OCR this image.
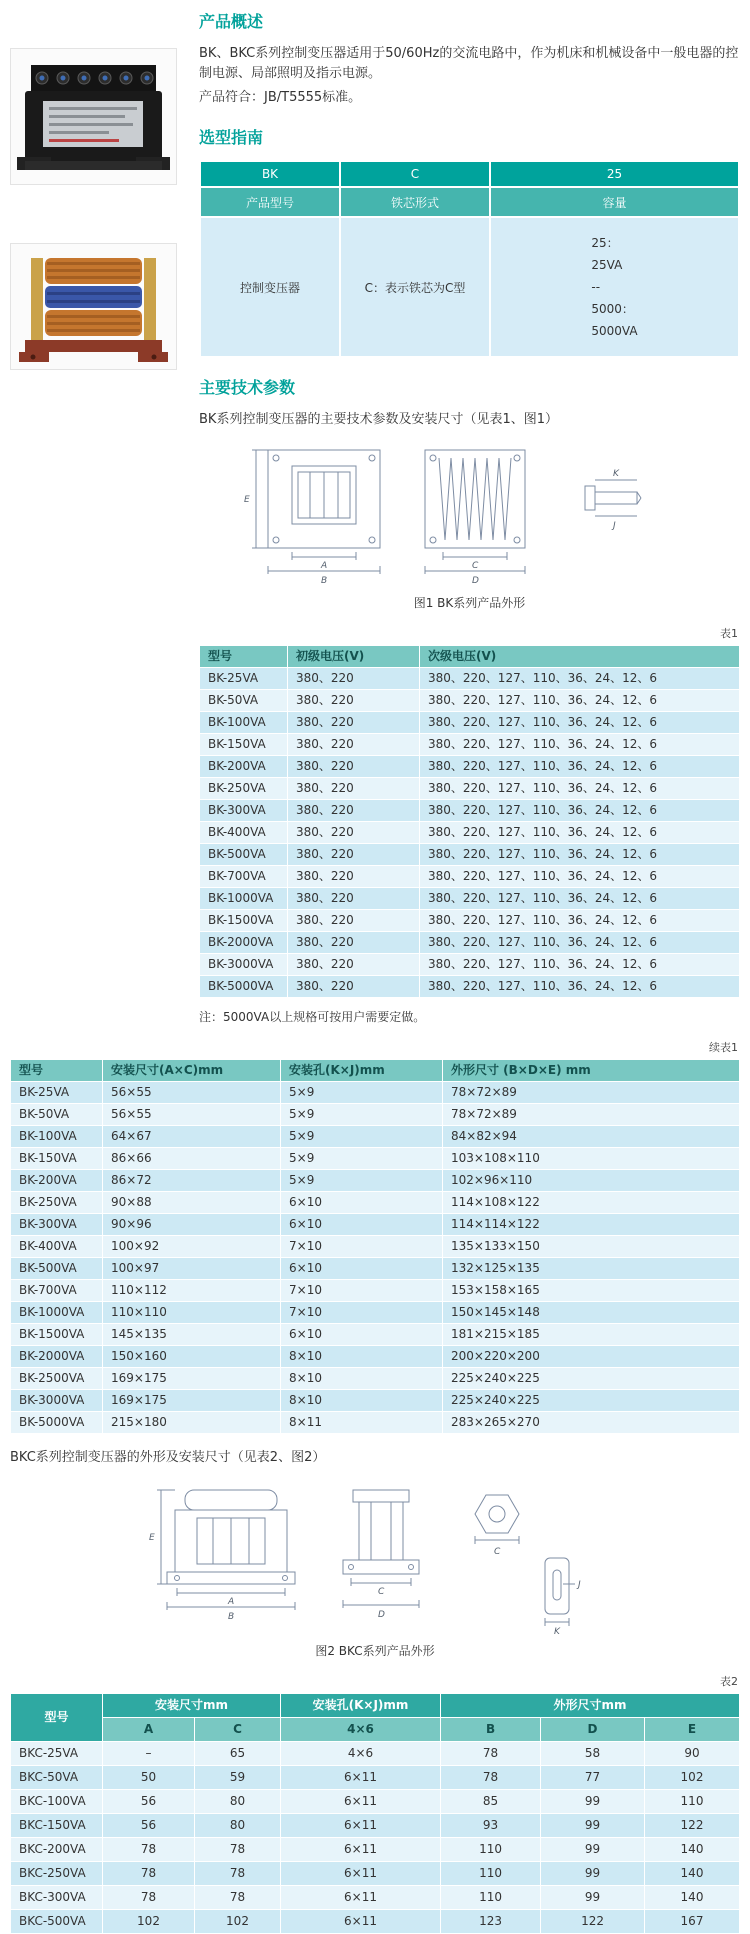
产品概述

BK、BKC系列控制变压器适用于50/60Hz的交流电路中，作为机床和机械设备中一般电器的控制电源、局部照明及指示电源。

产品符合：JB/T5555标准。

选型指南
BK	C	25
产品型号	铁芯形式	容量
控制变压器	C：表示铁芯为C型	25：
25VA
--
5000：
5000VA
主要技术参数

BK系列控制变压器的主要技术参数及安装尺寸（见表1、图1）

E
A
B
C
D
K
J
图1 BK系列产品外形
表1
型号	初级电压(V)	次级电压(V)
BK-25VA	380、220	380、220、127、110、36、24、12、6
BK-50VA	380、220	380、220、127、110、36、24、12、6
BK-100VA	380、220	380、220、127、110、36、24、12、6
BK-150VA	380、220	380、220、127、110、36、24、12、6
BK-200VA	380、220	380、220、127、110、36、24、12、6
BK-250VA	380、220	380、220、127、110、36、24、12、6
BK-300VA	380、220	380、220、127、110、36、24、12、6
BK-400VA	380、220	380、220、127、110、36、24、12、6
BK-500VA	380、220	380、220、127、110、36、24、12、6
BK-700VA	380、220	380、220、127、110、36、24、12、6
BK-1000VA	380、220	380、220、127、110、36、24、12、6
BK-1500VA	380、220	380、220、127、110、36、24、12、6
BK-2000VA	380、220	380、220、127、110、36、24、12、6
BK-3000VA	380、220	380、220、127、110、36、24、12、6
BK-5000VA	380、220	380、220、127、110、36、24、12、6

注：5000VA以上规格可按用户需要定做。

续表1
型号	安装尺寸(A×C)mm	安装孔(K×J)mm	外形尺寸 (B×D×E) mm
BK-25VA	56×55	5×9	78×72×89
BK-50VA	56×55	5×9	78×72×89
BK-100VA	64×67	5×9	84×82×94
BK-150VA	86×66	5×9	103×108×110
BK-200VA	86×72	5×9	102×96×110
BK-250VA	90×88	6×10	114×108×122
BK-300VA	90×96	6×10	114×114×122
BK-400VA	100×92	7×10	135×133×150
BK-500VA	100×97	6×10	132×125×135
BK-700VA	110×112	7×10	153×158×165
BK-1000VA	110×110	7×10	150×145×148
BK-1500VA	145×135	6×10	181×215×185
BK-2000VA	150×160	8×10	200×220×200
BK-2500VA	169×175	8×10	225×240×225
BK-3000VA	169×175	8×10	225×240×225
BK-5000VA	215×180	8×11	283×265×270

BKC系列控制变压器的外形及安装尺寸（见表2、图2）

E
A
B
C
D
C
J
K
图2 BKC系列产品外形
表2
型号	安装尺寸mm		安装孔(K×J)mm	外形尺寸mm		
	A	C	4×6	B	D	E
BKC-25VA	–	65	4×6	78	58	90
BKC-50VA	50	59	6×11	78	77	102
BKC-100VA	56	80	6×11	85	99	110
BKC-150VA	56	80	6×11	93	99	122
BKC-200VA	78	78	6×11	110	99	140
BKC-250VA	78	78	6×11	110	99	140
BKC-300VA	78	78	6×11	110	99	140
BKC-500VA	102	102	6×11	123	122	167
